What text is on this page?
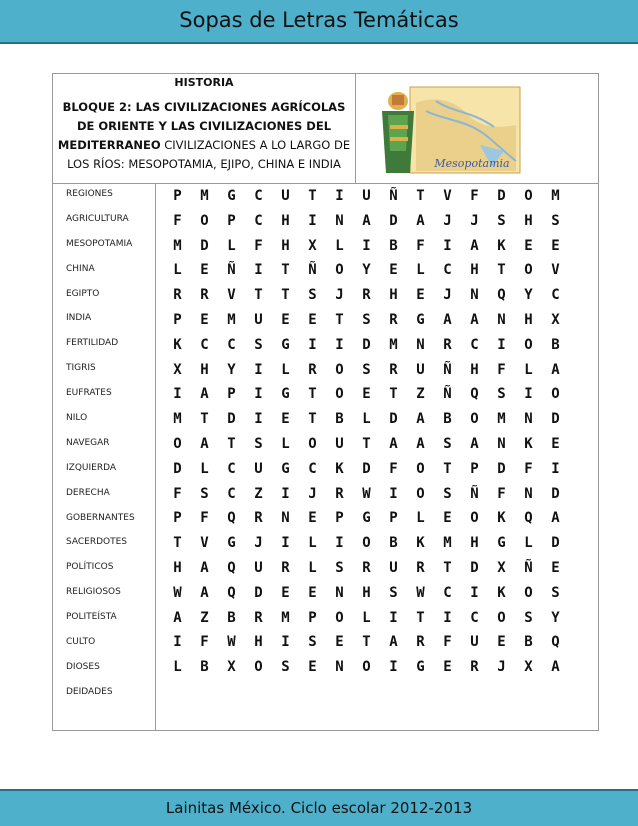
Sopas de Letras Temáticas
HISTORIA
BLOQUE 2: LAS CIVILIZACIONES AGRÍCOLAS DE ORIENTE Y LAS CIVILIZACIONES DEL MEDITERRANEO CIVILIZACIONES A LO LARGO DE LOS RÍOS: MESOPOTAMIA, EJIPO, CHINA E INDIA	Mesopotamia
REGIONES
AGRICULTURA
MESOPOTAMIA
CHINA
EGIPTO
INDIA
FERTILIDAD
TIGRIS
EUFRATES
NILO
NAVEGAR
IZQUIERDA
DERECHA
GOBERNANTES
SACERDOTES
POLÍTICOS
RELIGIOSOS
POLITEÍSTA
CULTO
DIOSES
DEIDADES
P	M	G	C	U	T	I	U	Ñ	T	V	F	D	O	M
F	O	P	C	H	I	N	A	D	A	J	J	S	H	S
M	D	L	F	H	X	L	I	B	F	I	A	K	E	E
L	E	Ñ	I	T	Ñ	O	Y	E	L	C	H	T	O	V
R	R	V	T	T	S	J	R	H	E	J	N	Q	Y	C
P	E	M	U	E	E	T	S	R	G	A	A	N	H	X
K	C	C	S	G	I	I	D	M	N	R	C	I	O	B
X	H	Y	I	L	R	O	S	R	U	Ñ	H	F	L	A
I	A	P	I	G	T	O	E	T	Z	Ñ	Q	S	I	O
M	T	D	I	E	T	B	L	D	A	B	O	M	N	D
O	A	T	S	L	O	U	T	A	A	S	A	N	K	E
D	L	C	U	G	C	K	D	F	O	T	P	D	F	I
F	S	C	Z	I	J	R	W	I	O	S	Ñ	F	N	D
P	F	Q	R	N	E	P	G	P	L	E	O	K	Q	A
T	V	G	J	I	L	I	O	B	K	M	H	G	L	D
H	A	Q	U	R	L	S	R	U	R	T	D	X	Ñ	E
W	A	Q	D	E	E	N	H	S	W	C	I	K	O	S
A	Z	B	R	M	P	O	L	I	T	I	C	O	S	Y
I	F	W	H	I	S	E	T	A	R	F	U	E	B	Q
L	B	X	O	S	E	N	O	I	G	E	R	J	X	A
Lainitas México. Ciclo escolar 2012-2013
